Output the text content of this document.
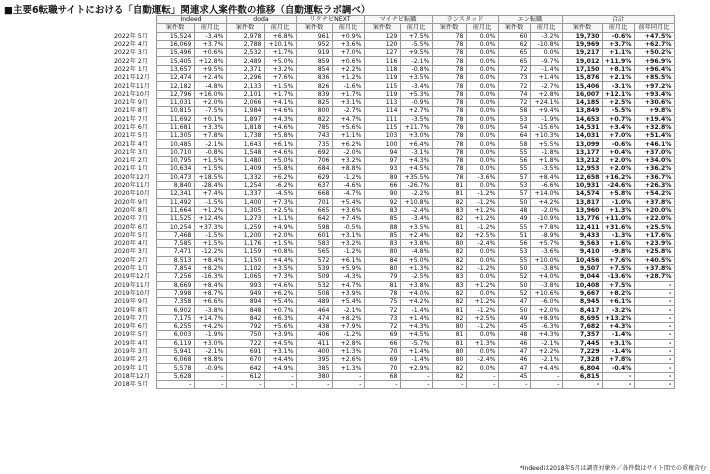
■主要6転職サイトにおける「自動運転」関連求人案件数の推移（自動運転ラボ調べ）
	Indeed		doda		リクナビNEXT		マイナビ転職		ランスタッド		エン転職		合計		
	案件数	前月比	案件数	前月比	案件数	前月比	案件数	前月比	案件数	前月比	案件数	前月比	案件数	前月比	前年同月比
2022年 5月	15,524	-3.4%	2,978	+6.8%	961	+0.9%	129	+7.5%	78	0.0%	60	-3.2%	19,730	-0.6%	+47.5%
2022年 4月	16,069	+3.7%	2,788	+10.1%	952	+3.6%	120	-5.5%	78	0.0%	62	-10.8%	19,969	+3.7%	+62.7%
2022年 3月	15,496	+0.6%	2,532	+1.7%	919	+7.0%	127	+9.5%	78	0.0%	65	0.0%	19,217	+1.1%	+50.2%
2022年 2月	15,405	+12.8%	2,489	+5.0%	859	+0.6%	116	-2.1%	78	0.0%	65	-9.7%	19,012	+11.9%	+96.9%
2022年 1月	13,657	+9.5%	2,371	+3.2%	854	+2.2%	118	-0.8%	78	0.0%	72	-1.4%	17,150	+8.1%	+96.4%
2021年12月	12,474	+2.4%	2,296	+7.6%	836	+1.2%	119	+3.5%	78	0.0%	73	+1.4%	15,876	+2.1%	+85.5%
2021年11月	12,182	-4.8%	2,133	+1.5%	826	-1.6%	115	-3.4%	78	0.0%	72	-2.7%	15,406	-3.1%	+97.2%
2021年10月	12,796	+16.0%	2,101	+1.7%	839	+1.7%	119	+5.3%	78	0.0%	74	+2.8%	16,007	+12.1%	+93.4%
2021年 9月	11,031	+2.0%	2,066	+4.1%	825	+3.1%	113	-0.9%	78	0.0%	72	+24.1%	14,185	+2.5%	+30.6%
2021年 8月	10,815	-7.5%	1,984	+4.6%	800	-2.7%	114	+2.7%	78	0.0%	58	+9.4%	13,849	-5.5%	+9.8%
2021年 7月	11,692	+0.1%	1,897	+4.3%	822	+4.7%	111	-3.5%	78	0.0%	53	-1.9%	14,653	+0.7%	+19.4%
2021年 6月	11,681	+3.3%	1,818	+4.6%	785	+5.6%	115	+11.7%	78	0.0%	54	-15.6%	14,531	+3.4%	+32.8%
2021年 5月	11,305	+7.8%	1,738	+5.8%	743	+1.1%	103	+3.0%	78	0.0%	64	+10.3%	14,031	+7.0%	+51.4%
2021年 4月	10,485	-2.1%	1,643	+6.1%	735	+6.2%	100	+6.4%	78	0.0%	58	+5.5%	13,099	-0.6%	+46.1%
2021年 3月	10,710	-0.8%	1,548	+4.6%	692	-2.0%	94	-3.1%	78	0.0%	55	-1.8%	13,177	+0.4%	+37.0%
2021年 2月	10,795	+1.5%	1,480	+5.0%	706	+3.2%	97	+4.3%	78	0.0%	56	+1.8%	13,212	+2.0%	+34.0%
2021年 1月	10,634	+1.5%	1,409	+5.8%	684	+8.8%	93	+4.5%	78	0.0%	55	-3.5%	12,953	+2.0%	+36.2%
2020年12月	10,473	+18.5%	1,332	+6.2%	629	-1.2%	89	+35.5%	78	-3.6%	57	+8.4%	12,658	+16.2%	+36.7%
2020年11月	8,840	-28.4%	1,254	-6.2%	637	-4.6%	66	-26.7%	81	0.0%	53	-6.6%	10,931	-24.6%	+26.3%
2020年10月	12,341	+7.4%	1,337	-4.5%	668	-4.7%	90	-2.2%	81	-1.2%	57	+14.0%	14,574	+5.8%	+54.2%
2020年 9月	11,492	-1.5%	1,400	+7.3%	701	+5.4%	92	+10.8%	82	-1.2%	50	+4.2%	13,817	-1.0%	+37.8%
2020年 8月	11,664	+1.2%	1,305	+2.5%	665	+3.6%	83	-2.4%	83	+1.2%	48	-2.0%	13,960	+1.3%	+20.0%
2020年 7月	11,525	+12.4%	1,273	+1.1%	642	+7.4%	85	-3.4%	82	+1.2%	49	-10.9%	13,776	+11.0%	+22.0%
2020年 6月	10,254	+37.3%	1,259	+4.9%	598	-0.5%	88	+3.5%	81	-1.2%	55	+7.8%	12,411	+31.6%	+25.5%
2020年 5月	7,468	-1.5%	1,200	+2.0%	601	+3.1%	85	+2.4%	82	+2.5%	51	-8.9%	9,433	-1.3%	+17.6%
2020年 4月	7,585	+1.5%	1,176	+1.5%	583	+3.2%	83	+3.8%	80	-2.4%	56	+5.7%	9,563	+1.6%	+23.9%
2020年 3月	7,471	-12.2%	1,159	+0.8%	565	-1.2%	80	-4.8%	82	0.0%	53	-3.6%	9,410	-9.8%	+25.8%
2020年 2月	8,513	+8.4%	1,150	+4.4%	572	+6.1%	84	+5.0%	82	0.0%	55	+10.0%	10,456	+7.6%	+40.5%
2020年 1月	7,854	+8.2%	1,102	+3.5%	539	+5.9%	80	+1.3%	82	-1.2%	50	-3.8%	9,507	+7.5%	+37.8%
2019年12月	7,256	-16.3%	1,065	+7.3%	509	-4.3%	79	-2.5%	83	0.0%	52	+4.0%	9,044	-13.6%	+28.7%
2019年11月	8,669	+8.4%	993	+4.6%	532	+4.7%	81	+3.8%	83	+1.2%	50	-3.8%	10,408	+7.5%	-
2019年10月	7,998	+8.7%	949	+6.2%	508	+3.9%	78	+4.0%	82	0.0%	52	+10.6%	9,667	+8.2%	-
2019年 9月	7,358	+6.6%	894	+5.4%	489	+5.4%	75	+4.2%	82	+1.2%	47	-6.0%	8,945	+6.1%	-
2019年 8月	6,902	-3.8%	848	+0.7%	464	-2.1%	72	-1.4%	81	-1.2%	50	+2.0%	8,417	-3.2%	-
2019年 7月	7,175	+14.7%	842	+6.3%	474	+8.2%	73	+1.4%	82	+2.5%	49	+8.9%	8,695	+13.2%	-
2019年 6月	6,255	+4.2%	792	+5.6%	438	+7.9%	72	+4.3%	80	-1.2%	45	-6.3%	7,682	+4.3%	-
2019年 5月	6,003	-1.9%	750	+3.9%	406	-1.2%	69	+4.5%	81	0.0%	48	+4.3%	7,357	-1.4%	-
2019年 4月	6,119	+3.0%	722	+4.5%	411	+2.8%	66	-5.7%	81	+1.3%	46	-2.1%	7,445	+3.1%	-
2019年 3月	5,941	-2.1%	691	+3.1%	400	+1.3%	70	+1.4%	80	0.0%	47	+2.2%	7,229	-1.4%	-
2019年 2月	6,068	+8.8%	670	+4.4%	395	+2.6%	69	-1.4%	80	-2.4%	46	-2.1%	7,328	+7.8%	-
2019年 1月	5,578	-0.9%	642	+4.9%	385	+1.3%	70	+2.9%	82	0.0%	47	+4.4%	6,804	-0.4%	-
2018年12月	5,628	-	612	-	380	-	68	-	82	-	45	-	6,815	-	-
2018年 5月	-	-	-	-	-	-	-	-	-	-	-	-	-	-	-
*Indeedは2018年5月は調査対象外／各件数はサイト間での重複含む
